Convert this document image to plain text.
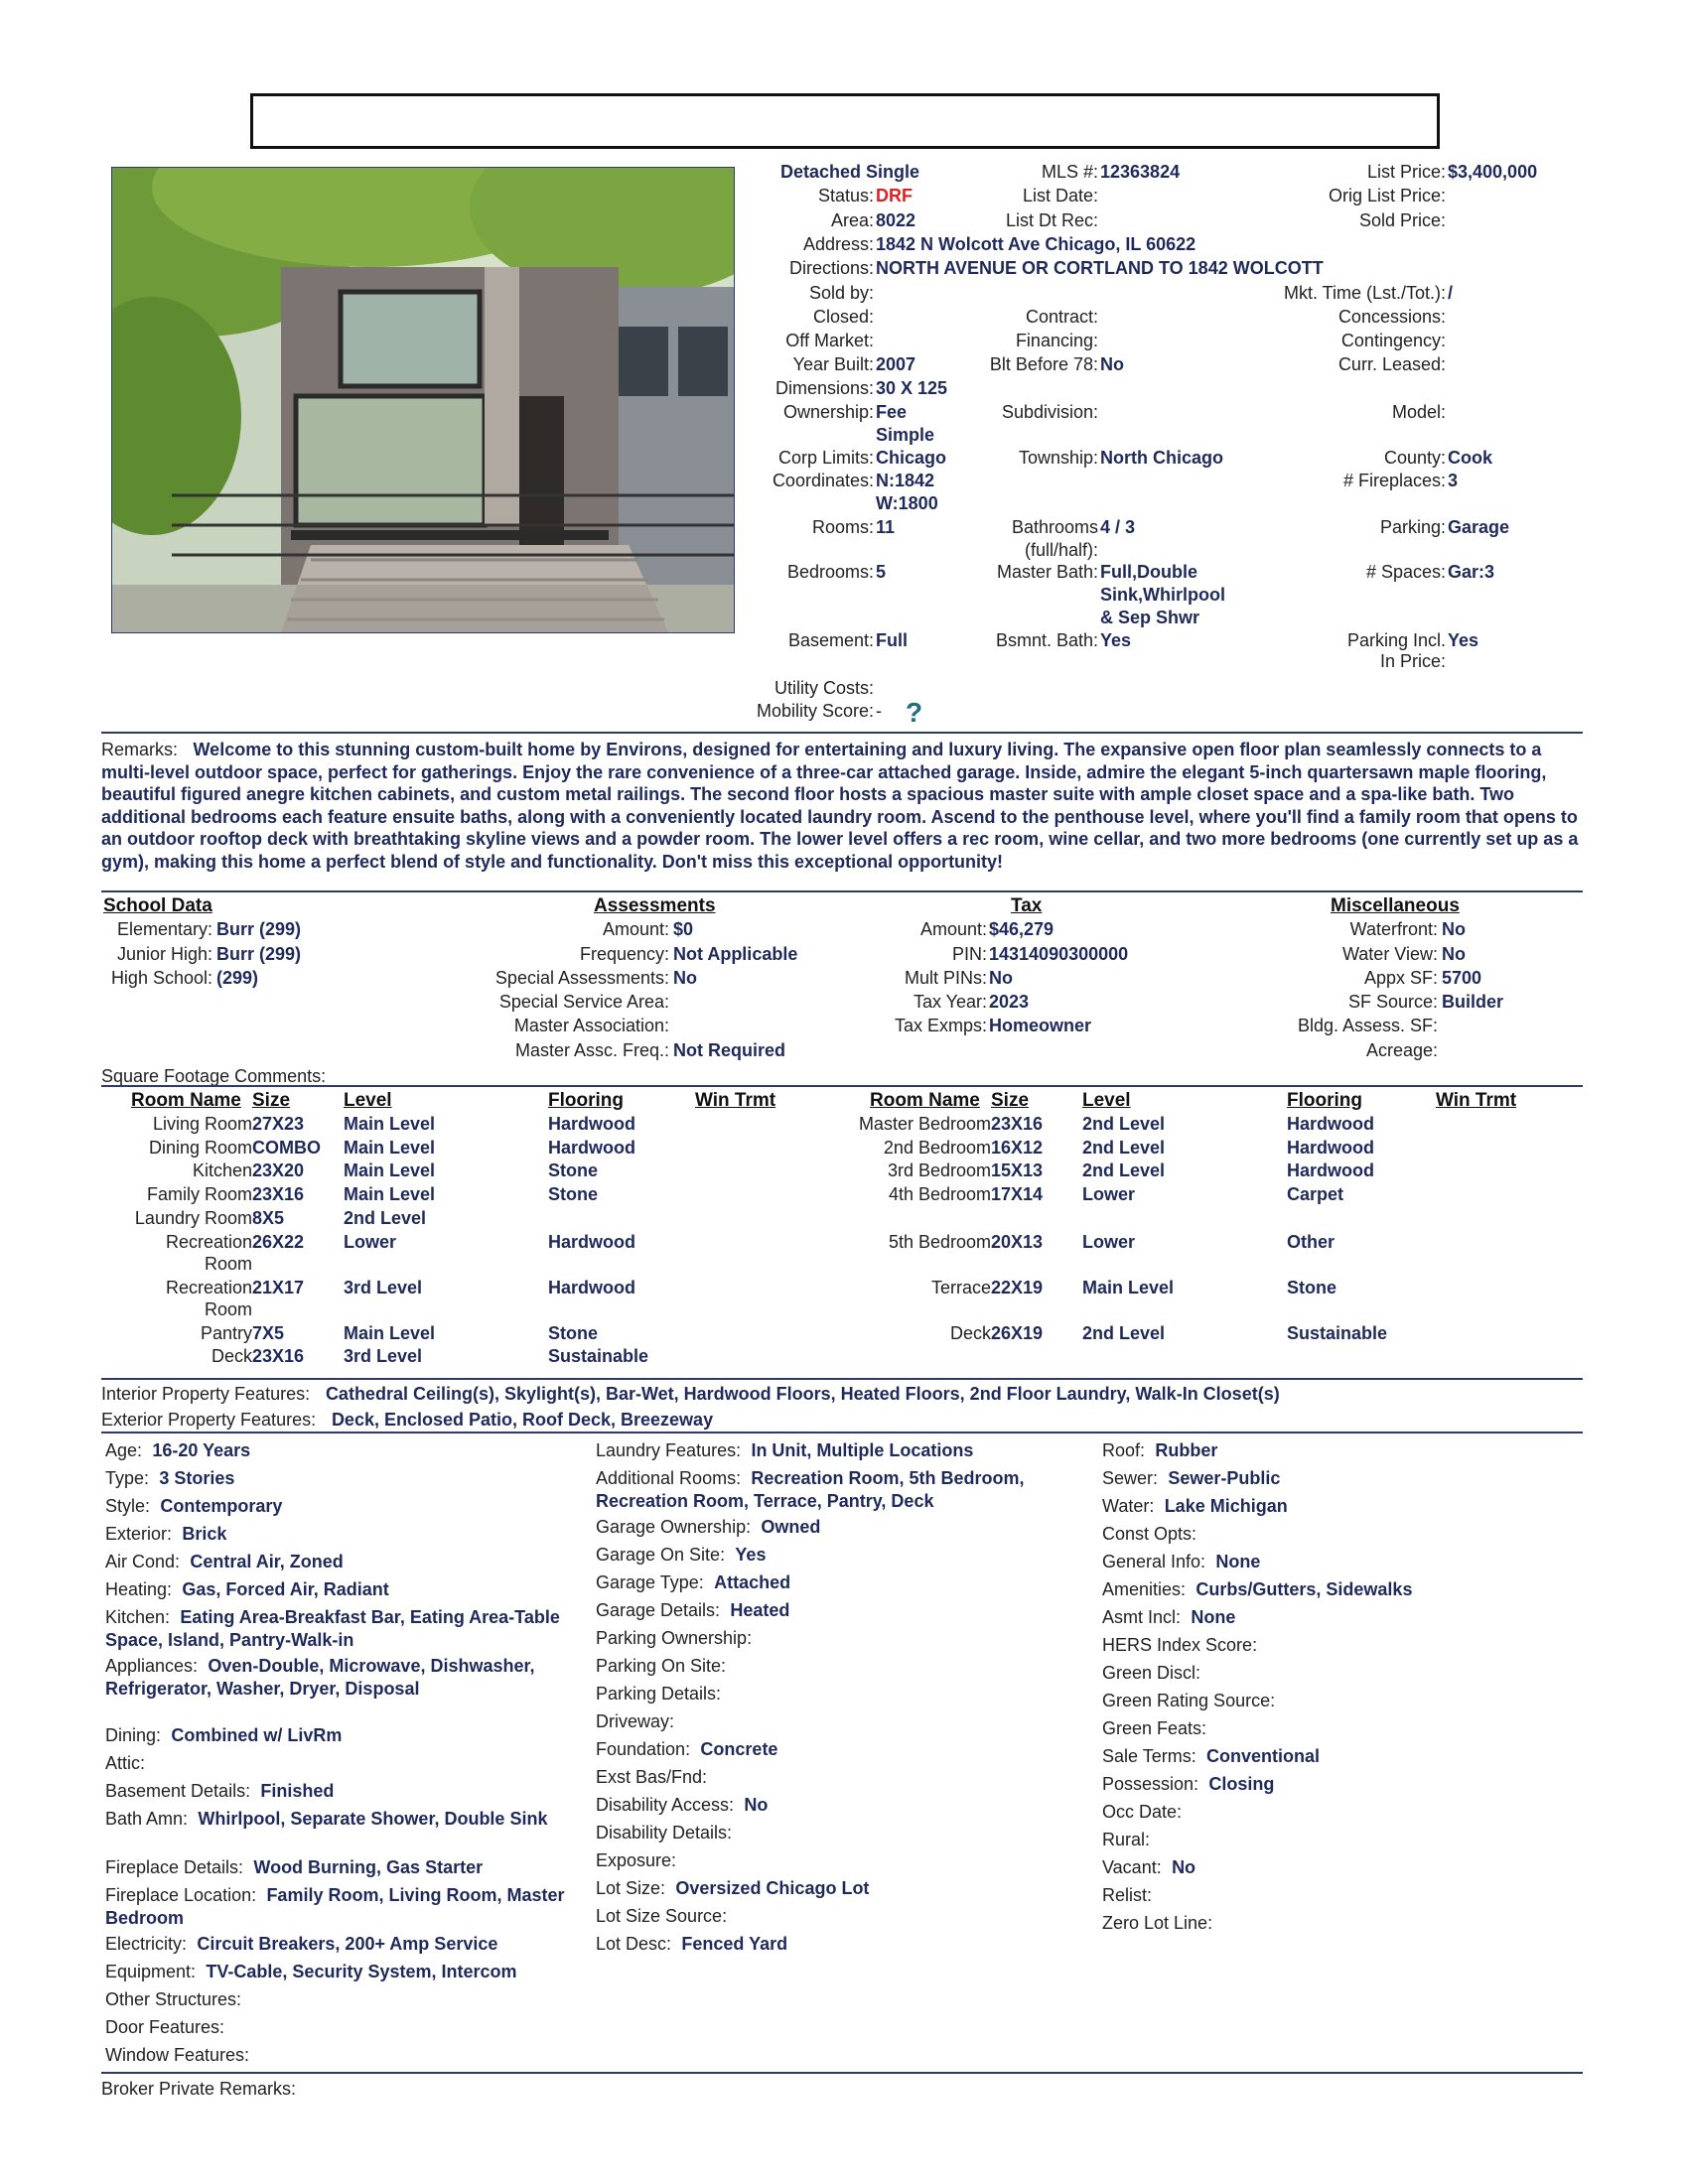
Detached Single
Status: DRF
Area: 8022
Address: 1842 N Wolcott Ave Chicago, IL 60622
Directions: NORTH AVENUE OR CORTLAND TO 1842 WOLCOTT
Sold by:
Closed:
Off Market:
Year Built: 2007
Dimensions: 30 X 125
Ownership: Fee
Simple
Corp Limits: Chicago
Coordinates: N:1842
W:1800
Rooms: 11
Bedrooms: 5
Basement: Full
Utility Costs:
Mobility Score: - ?
MLS #: 12363824
List Date:
List Dt Rec:
Contract:
Financing:
Blt Before 78: No
Subdivision:
Township: North Chicago
Bathrooms
(full/half):
4 / 3
Master Bath: Full,Double
Sink,Whirlpool
& Sep Shwr
Bsmnt. Bath: Yes
List Price: $3,400,000
Orig List Price:
Sold Price:
Mkt. Time (Lst./Tot.): /
Concessions:
Contingency:
Curr. Leased:
Model:
County: Cook
# Fireplaces: 3
Parking: Garage
# Spaces: Gar:3
Parking Incl.
In Price:
Yes
Remarks: Welcome to this stunning custom-built home by Environs, designed for entertaining and luxury living. The expansive open floor plan seamlessly connects to a multi-level outdoor space, perfect for gatherings. Enjoy the rare convenience of a three-car attached garage. Inside, admire the elegant 5-inch quartersawn maple flooring, beautiful figured anegre kitchen cabinets, and custom metal railings. The second floor hosts a spacious master suite with ample closet space and a spa-like bath. Two additional bedrooms each feature ensuite baths, along with a conveniently located laundry room. Ascend to the penthouse level, where you'll find a family room that opens to an outdoor rooftop deck with breathtaking skyline views and a powder room. The lower level offers a rec room, wine cellar, and two more bedrooms (one currently set up as a gym), making this home a perfect blend of style and functionality. Don't miss this exceptional opportunity!
School Data
Elementary: Burr (299)
Junior High: Burr (299)
High School: (299)
Assessments
Amount: $0
Frequency: Not Applicable
Special Assessments: No
Special Service Area:
Master Association:
Master Assc. Freq.: Not Required
Tax
Amount: $46,279
PIN: 14314090300000
Mult PINs: No
Tax Year: 2023
Tax Exmps: Homeowner
Miscellaneous
Waterfront: No
Water View: No
Appx SF: 5700
SF Source: Builder
Bldg. Assess. SF:
Acreage:
Square Footage Comments:
Room Name Size	Level	Flooring	Win Trmt	Room Name Size	Level	Flooring	Win Trmt
Living Room 27X23 Main Level	Hardwood
Dining Room COMBO Main Level	Hardwood
Kitchen 23X20 Main Level	Stone
Family Room 23X16 Main Level	Stone
Laundry Room 8X5	2nd Level
Recreation
Room
26X22 Lower	Hardwood
Recreation
Room
21X17 3rd Level	Hardwood
Pantry 7X5	Main Level	Stone
Deck 23X16 3rd Level	Sustainable
Master Bedroom 23X16 2nd Level	Hardwood
2nd Bedroom 16X12 2nd Level	Hardwood
3rd Bedroom 15X13 2nd Level	Hardwood
4th Bedroom 17X14 Lower	Carpet
5th Bedroom 20X13 Lower	Other
Terrace 22X19 Main Level	Stone
Deck 26X19 2nd Level	Sustainable
Interior Property Features: Cathedral Ceiling(s), Skylight(s), Bar-Wet, Hardwood Floors, Heated Floors, 2nd Floor Laundry, Walk-In Closet(s)
Exterior Property Features: Deck, Enclosed Patio, Roof Deck, Breezeway
Age: 16-20 Years
Type: 3 Stories
Style: Contemporary
Exterior: Brick
Air Cond: Central Air, Zoned
Heating: Gas, Forced Air, Radiant
Kitchen: Eating Area-Breakfast Bar, Eating Area-Table Space, Island, Pantry-Walk-in
Appliances: Oven-Double, Microwave, Dishwasher, Refrigerator, Washer, Dryer, Disposal
Dining: Combined w/ LivRm
Attic:
Basement Details: Finished
Bath Amn: Whirlpool, Separate Shower, Double Sink
Fireplace Details: Wood Burning, Gas Starter
Fireplace Location: Family Room, Living Room, Master Bedroom
Electricity: Circuit Breakers, 200+ Amp Service
Equipment: TV-Cable, Security System, Intercom
Other Structures:
Door Features:
Window Features:
Laundry Features: In Unit, Multiple Locations
Additional Rooms: Recreation Room, 5th Bedroom, Recreation Room, Terrace, Pantry, Deck
Garage Ownership: Owned
Garage On Site: Yes
Garage Type: Attached
Garage Details: Heated
Parking Ownership:
Parking On Site:
Parking Details:
Driveway:
Foundation: Concrete
Exst Bas/Fnd:
Disability Access: No
Disability Details:
Exposure:
Lot Size: Oversized Chicago Lot
Lot Size Source:
Lot Desc: Fenced Yard
Roof: Rubber
Sewer: Sewer-Public
Water: Lake Michigan
Const Opts:
General Info: None
Amenities: Curbs/Gutters, Sidewalks
Asmt Incl: None
HERS Index Score:
Green Discl:
Green Rating Source:
Green Feats:
Sale Terms: Conventional
Possession: Closing
Occ Date:
Rural:
Vacant: No
Relist:
Zero Lot Line:
Broker Private Remarks:
